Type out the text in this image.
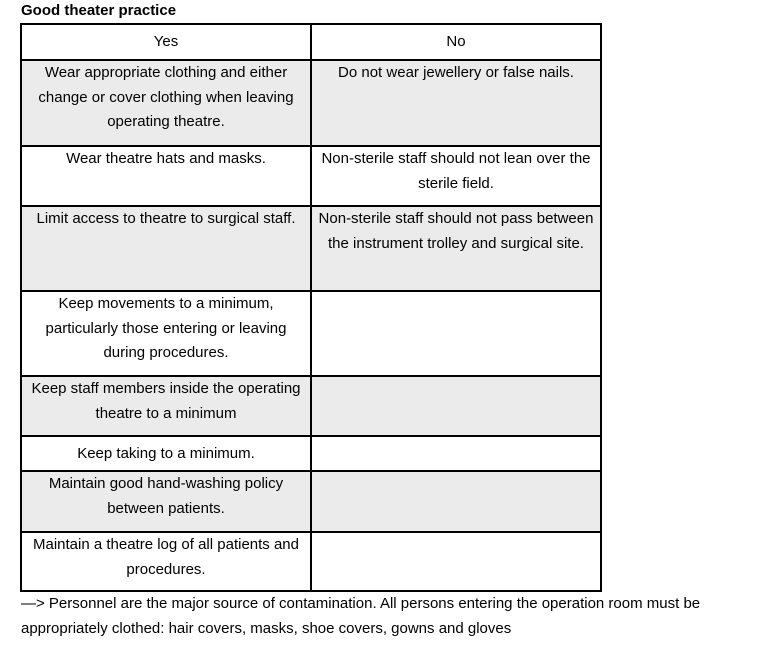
Good theater practice
Yes	No
Wear appropriate clothing and either change or cover clothing when leaving operating theatre.	Do not wear jewellery or false nails.
Wear theatre hats and masks.	Non-sterile staff should not lean over the sterile field.
Limit access to theatre to surgical staff.	Non-sterile staff should not pass between the instrument trolley and surgical site.
Keep movements to a minimum, particularly those entering or leaving during procedures.	
Keep staff members inside the operating theatre to a minimum	
Keep taking to a minimum.	
Maintain good hand-washing policy between patients.	
Maintain a theatre log of all patients and procedures.	
—> Personnel are the major source of contamination. All persons entering the operation room must be appropriately clothed: hair covers, masks, shoe covers, gowns and gloves
